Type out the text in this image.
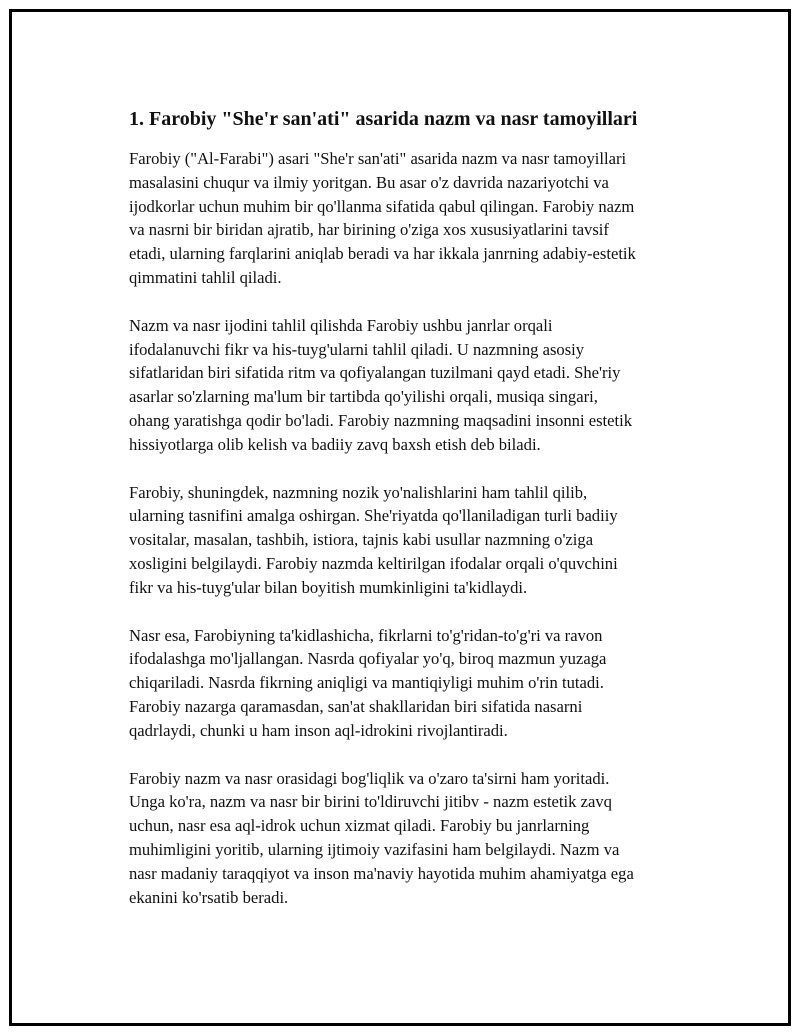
1. Farobiy "She'r san'ati" asarida nazm va nasr tamoyillari

Farobiy ("Al-Farabi") asari "She'r san'ati" asarida nazm va nasr tamoyillari
masalasini chuqur va ilmiy yoritgan. Bu asar o'z davrida nazariyotchi va
ijodkorlar uchun muhim bir qo'llanma sifatida qabul qilingan. Farobiy nazm
va nasrni bir biridan ajratib, har birining o'ziga xos xususiyatlarini tavsif
etadi, ularning farqlarini aniqlab beradi va har ikkala janrning adabiy-estetik
qimmatini tahlil qiladi.

Nazm va nasr ijodini tahlil qilishda Farobiy ushbu janrlar orqali
ifodalanuvchi fikr va his-tuyg'ularni tahlil qiladi. U nazmning asosiy
sifatlaridan biri sifatida ritm va qofiyalangan tuzilmani qayd etadi. She'riy
asarlar so'zlarning ma'lum bir tartibda qo'yilishi orqali, musiqa singari,
ohang yaratishga qodir bo'ladi. Farobiy nazmning maqsadini insonni estetik
hissiyotlarga olib kelish va badiiy zavq baxsh etish deb biladi.

Farobiy, shuningdek, nazmning nozik yo'nalishlarini ham tahlil qilib,
ularning tasnifini amalga oshirgan. She'riyatda qo'llaniladigan turli badiiy
vositalar, masalan, tashbih, istiora, tajnis kabi usullar nazmning o'ziga
xosligini belgilaydi. Farobiy nazmda keltirilgan ifodalar orqali o'quvchini
fikr va his-tuyg'ular bilan boyitish mumkinligini ta'kidlaydi.

Nasr esa, Farobiyning ta'kidlashicha, fikrlarni to'g'ridan-to'g'ri va ravon
ifodalashga mo'ljallangan. Nasrda qofiyalar yo'q, biroq mazmun yuzaga
chiqariladi. Nasrda fikrning aniqligi va mantiqiyligi muhim o'rin tutadi.
Farobiy nazarga qaramasdan, san'at shakllaridan biri sifatida nasarni
qadrlaydi, chunki u ham inson aql-idrokini rivojlantiradi.

Farobiy nazm va nasr orasidagi bog'liqlik va o'zaro ta'sirni ham yoritadi.
Unga ko'ra, nazm va nasr bir birini to'ldiruvchi jitibv - nazm estetik zavq
uchun, nasr esa aql-idrok uchun xizmat qiladi. Farobiy bu janrlarning
muhimligini yoritib, ularning ijtimoiy vazifasini ham belgilaydi. Nazm va
nasr madaniy taraqqiyot va inson ma'naviy hayotida muhim ahamiyatga ega
ekanini ko'rsatib beradi.
